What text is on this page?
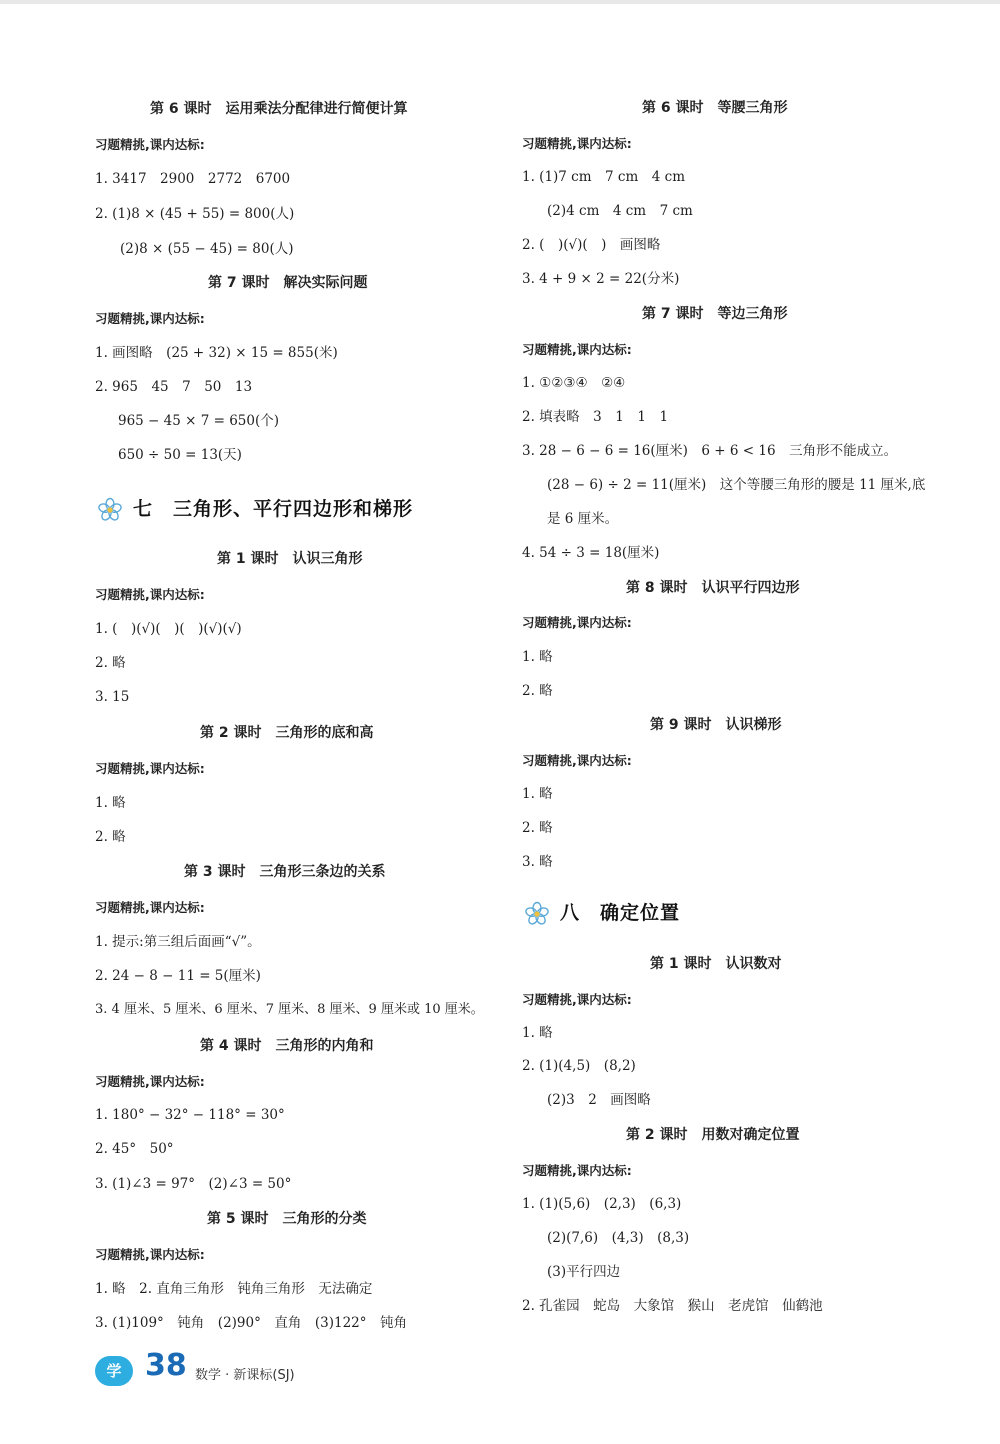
第 6 课时　运用乘法分配律进行简便计算
习题精挑,课内达标:
1. 3417　2900　2772　6700
2. (1)8 × (45 + 55) = 800(人)
(2)8 × (55 − 45) = 80(人)
第 7 课时　解决实际问题
习题精挑,课内达标:
1. 画图略　(25 + 32) × 15 = 855(米)
2. 965　45　7　50　13
965 − 45 × 7 = 650(个)
650 ÷ 50 = 13(天)
七　三角形、平行四边形和梯形
第 1 课时　认识三角形
习题精挑,课内达标:
1. (　)(√)(　)(　)(√)(√)
2. 略
3. 15
第 2 课时　三角形的底和高
习题精挑,课内达标:
1. 略
2. 略
第 3 课时　三角形三条边的关系
习题精挑,课内达标:
1. 提示:第三组后面画“√”。
2. 24 − 8 − 11 = 5(厘米)
3. 4 厘米、5 厘米、6 厘米、7 厘米、8 厘米、9 厘米或 10 厘米。
第 4 课时　三角形的内角和
习题精挑,课内达标:
1. 180° − 32° − 118° = 30°
2. 45°　50°
3. (1)∠3 = 97°　(2)∠3 = 50°
第 5 课时　三角形的分类
习题精挑,课内达标:
1. 略　2. 直角三角形　钝角三角形　无法确定
3. (1)109°　钝角　(2)90°　直角　(3)122°　钝角
第 6 课时　等腰三角形
习题精挑,课内达标:
1. (1)7 cm　7 cm　4 cm
(2)4 cm　4 cm　7 cm
2. (　)(√)(　)　画图略
3. 4 + 9 × 2 = 22(分米)
第 7 课时　等边三角形
习题精挑,课内达标:
1. ①②③④　②④
2. 填表略　3　1　1　1
3. 28 − 6 − 6 = 16(厘米)　6 + 6 < 16　三角形不能成立。
(28 − 6) ÷ 2 = 11(厘米)　这个等腰三角形的腰是 11 厘米,底
是 6 厘米。
4. 54 ÷ 3 = 18(厘米)
第 8 课时　认识平行四边形
习题精挑,课内达标:
1. 略
2. 略
第 9 课时　认识梯形
习题精挑,课内达标:
1. 略
2. 略
3. 略
八　确定位置
第 1 课时　认识数对
习题精挑,课内达标:
1. 略
2. (1)(4,5)　(8,2)
(2)3　2　画图略
第 2 课时　用数对确定位置
习题精挑,课内达标:
1. (1)(5,6)　(2,3)　(6,3)
(2)(7,6)　(4,3)　(8,3)
(3)平行四边
2. 孔雀园　蛇岛　大象馆　猴山　老虎馆　仙鹤池
学 38 数学 · 新课标(SJ)
